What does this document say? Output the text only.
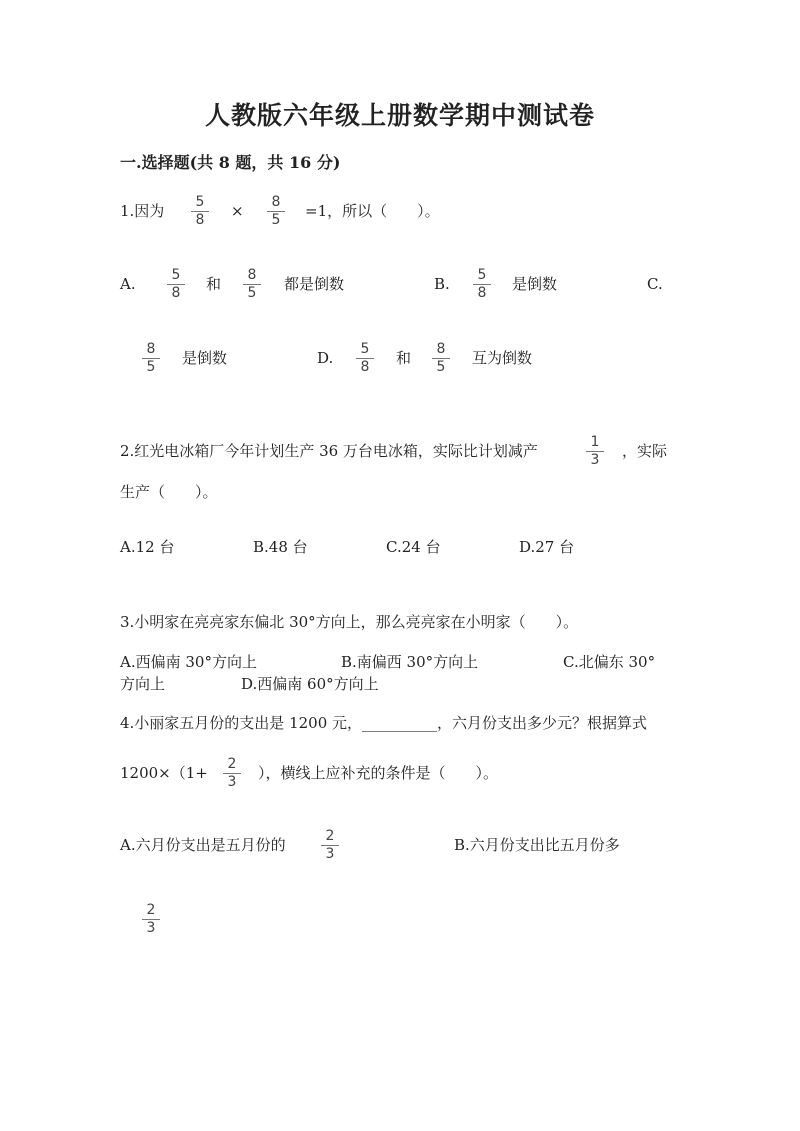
人教版六年级上册数学期中测试卷
一.选择题(共 8 题，共 16 分)
1.因为	5
8	×	8
5	=1，所以（　　）。
A.	5
8	和	8
5	都是倒数	B.	5
8	是倒数	C.
8
5	是倒数	D.	5
8	和	8
5	互为倒数
2.红光电冰箱厂今年计划生产 36 万台电冰箱，实际比计划减产	1
3	，实际
生产（　　）。
A.12 台	B.48 台	C.24 台	D.27 台
3.小明家在亮亮家东偏北 30°方向上，那么亮亮家在小明家（　　）。
A.西偏南 30°方向上	B.南偏西 30°方向上	C.北偏东 30°
方向上	D.西偏南 60°方向上
4.小丽家五月份的支出是 1200 元，__________，六月份支出多少元？根据算式
1200×（1+	2
3	），横线上应补充的条件是（　　）。
A.六月份支出是五月份的	2
3	B.六月份支出比五月份多
2
3
